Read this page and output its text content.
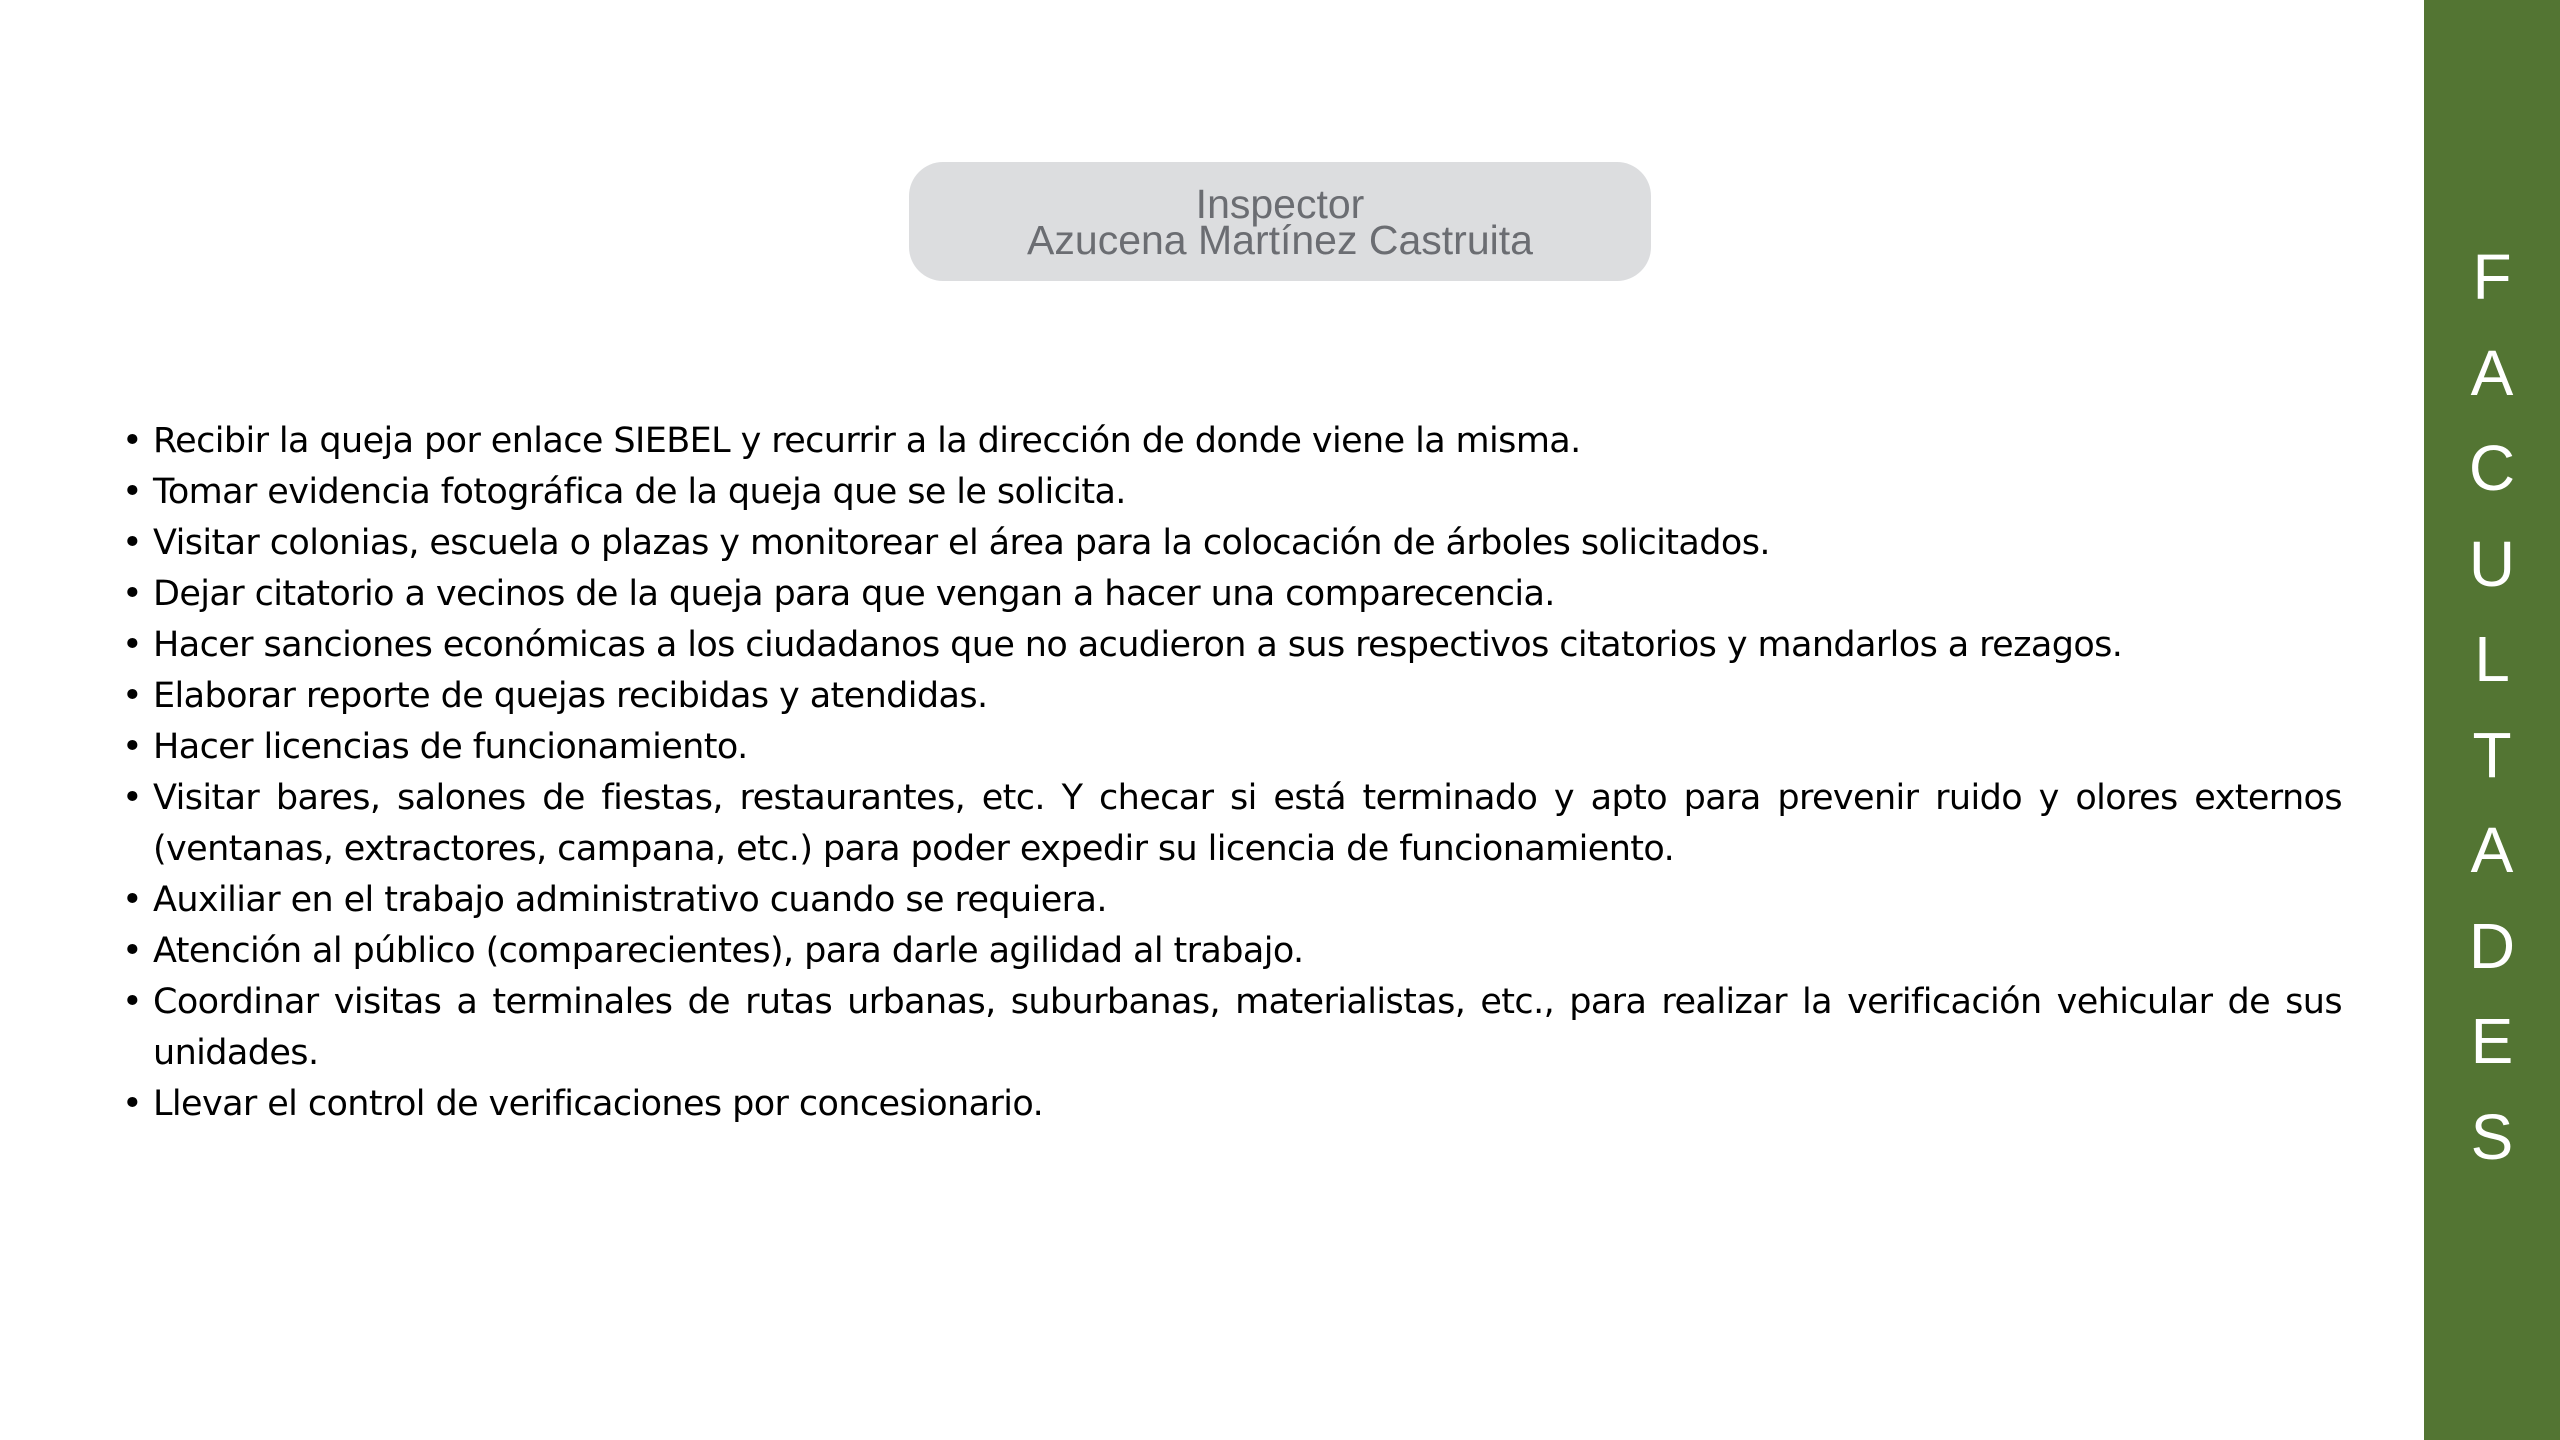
Inspector
Azucena Martínez Castruita
• Recibir la queja por enlace SIEBEL y recurrir a la dirección de donde viene la misma.
• Tomar evidencia fotográfica de la queja que se le solicita.
• Visitar colonias, escuela o plazas y monitorear el área para la colocación de árboles solicitados.
• Dejar citatorio a vecinos de la queja para que vengan a hacer una comparecencia.
• Hacer sanciones económicas a los ciudadanos que no acudieron a sus respectivos citatorios y mandarlos a rezagos.
• Elaborar reporte de quejas recibidas y atendidas.
• Hacer licencias de funcionamiento.
• Visitar bares, salones de fiestas, restaurantes, etc. Y checar si está terminado y apto para prevenir ruido y olores externos (ventanas, extractores, campana, etc.) para poder expedir su licencia de funcionamiento.
• Auxiliar en el trabajo administrativo cuando se requiera.
• Atención al público (comparecientes), para darle agilidad al trabajo.
• Coordinar visitas a terminales de rutas urbanas, suburbanas, materialistas, etc., para realizar la verificación vehicular de sus unidades.
• Llevar el control de verificaciones por concesionario.
F
A
C
U
L
T
A
D
E
S
